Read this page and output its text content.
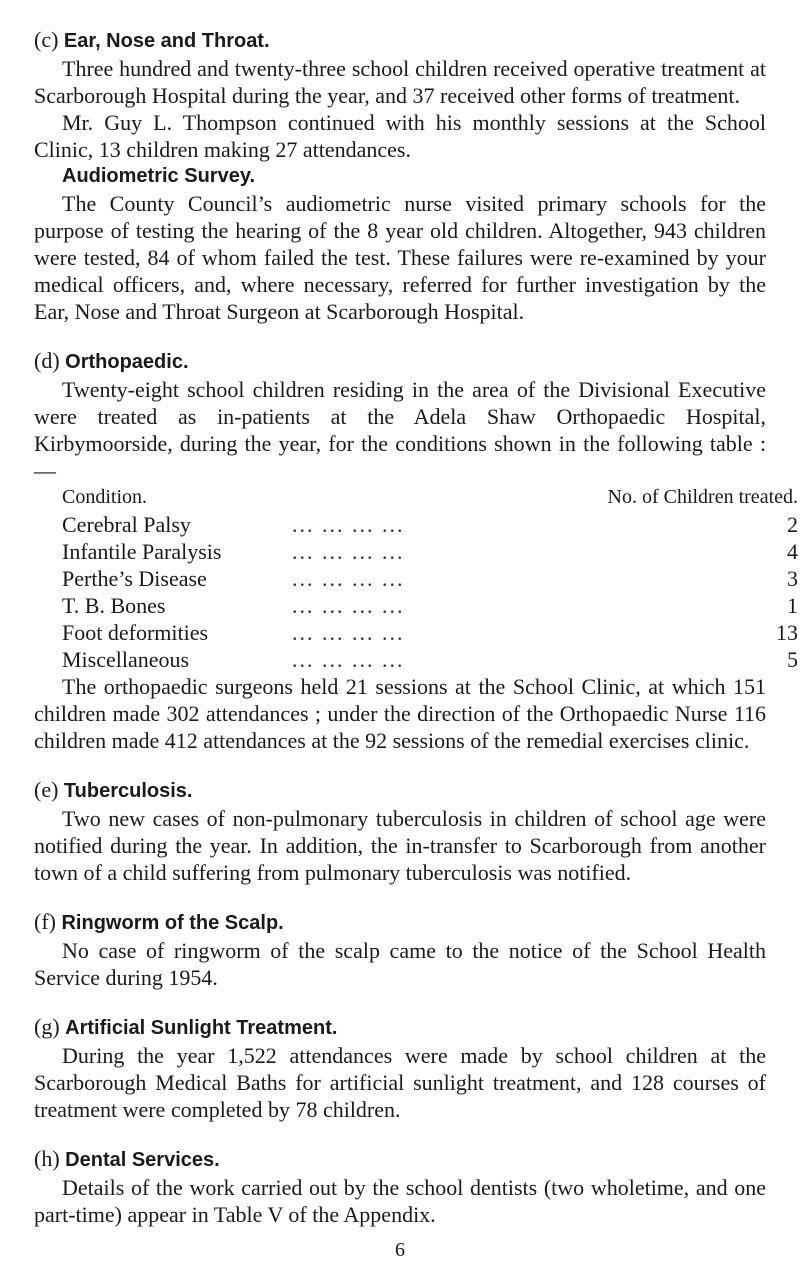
(c) Ear, Nose and Throat.

Three hundred and twenty-three school children received operative treatment at Scarborough Hospital during the year, and 37 received other forms of treatment.

Mr. Guy L. Thompson continued with his monthly sessions at the School Clinic, 13 children making 27 attendances.

Audiometric Survey.

The County Council’s audiometric nurse visited primary schools for the purpose of testing the hearing of the 8 year old children. Altogether, 943 children were tested, 84 of whom failed the test. These failures were re-examined by your medical officers, and, where necessary, referred for further investigation by the Ear, Nose and Throat Surgeon at Scarborough Hospital.

(d) Orthopaedic.

Twenty-eight school children residing in the area of the Divisional Executive were treated as in-patients at the Adela Shaw Orthopaedic Hospital, Kirbymoorside, during the year, for the conditions shown in the following table :—

Condition.	No. of Children treated.	
Cerebral Palsy	... ... ... ...	2
Infantile Paralysis	... ... ... ...	4
Perthe’s Disease	... ... ... ...	3
T. B. Bones	... ... ... ...	1
Foot deformities	... ... ... ...	13
Miscellaneous	... ... ... ...	5

The orthopaedic surgeons held 21 sessions at the School Clinic, at which 151 children made 302 attendances ; under the direction of the Orthopaedic Nurse 116 children made 412 attendances at the 92 sessions of the remedial exercises clinic.

(e) Tuberculosis.

Two new cases of non-pulmonary tuberculosis in children of school age were notified during the year. In addition, the in-transfer to Scarborough from another town of a child suffering from pulmonary tuberculosis was notified.

(f) Ringworm of the Scalp.

No case of ringworm of the scalp came to the notice of the School Health Service during 1954.

(g) Artificial Sunlight Treatment.

During the year 1,522 attendances were made by school children at the Scarborough Medical Baths for artificial sunlight treatment, and 128 courses of treatment were completed by 78 children.

(h) Dental Services.

Details of the work carried out by the school dentists (two wholetime, and one part-time) appear in Table V of the Appendix.

6
